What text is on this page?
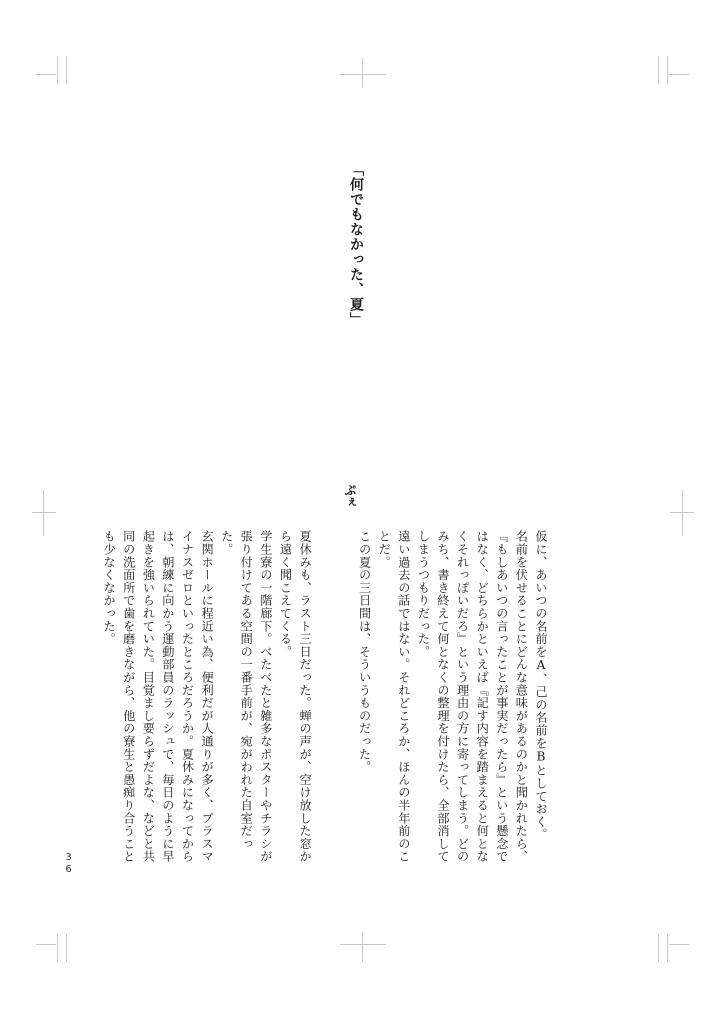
「何でもなかった、夏」
ぷぇ

仮に、あいつの名前をA、己の名前をBとしておく。

名前を伏せることにどんな意味があるのかと聞かれたら、『もしあいつの言ったことが事実だったら』という懸念ではなく、どちらかといえば『記す内容を踏まえると何となくそれっぽいだろ』という理由の方に寄ってしまう。どのみち、書き終えて何となくの整理を付けたら、全部消してしまうつもりだった。

遠い過去の話ではない。それどころか、ほんの半年前のことだ。

この夏の三日間は、そういうものだった。

夏休みも、ラスト三日だった。蝉の声が、空け放した窓から遠く聞こえてくる。

学生寮の一階廊下。べたべたと雑多なポスターやチラシが張り付けてある空間の一番手前が、宛がわれた自室だった。

玄関ホールに程近い為、便利だが人通りが多く、プラスマイナスゼロといったところだろうか。夏休みになってからは、朝練に向かう運動部員のラッシュで、毎日のように早起きを強いられていた。目覚まし要らずだよな、などと共同の洗面所で歯を磨きながら、他の寮生と愚痴り合うことも少なくなかった。

36
